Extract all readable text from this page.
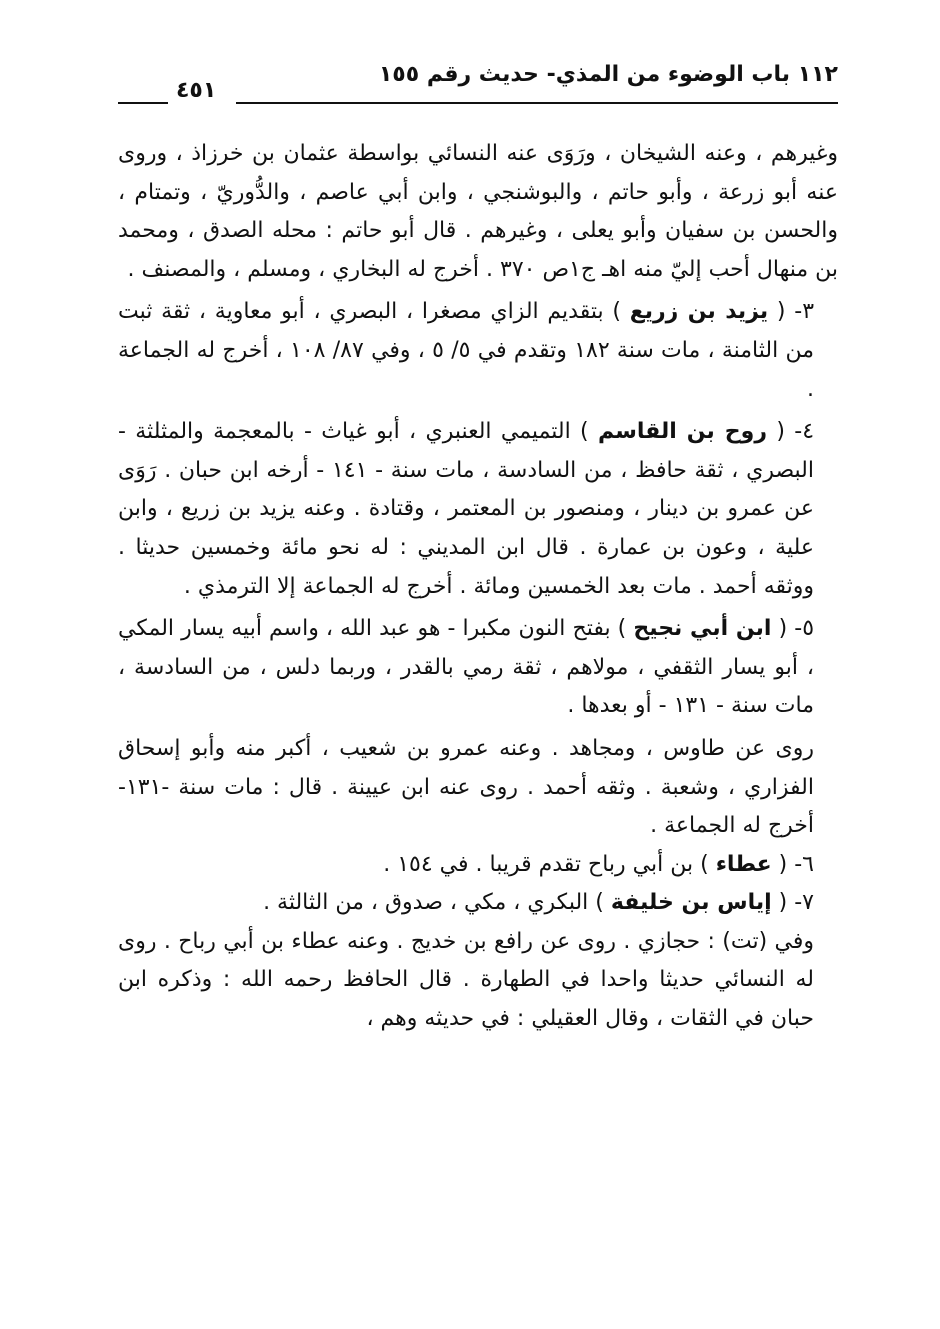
١١٢ باب الوضوء من المذي- حديث رقم ١٥٥
٤٥١

وغيرهم ، وعنه الشيخان ، ورَوَى عنه النسائي بواسطة عثمان بن خرزاذ ، وروى عنه أبو زرعة ، وأبو حاتم ، والبوشنجي ، وابن أبي عاصم ، والدُّوريّ ، وتمتام ، والحسن بن سفيان وأبو يعلى ، وغيرهم . قال أبو حاتم : محله الصدق ، ومحمد بن منهال أحب إليّ منه اهـ ج١ص ٣٧٠ . أخرج له البخاري ، ومسلم ، والمصنف .

٣- ( يزيد بن زريع ) بتقديم الزاي مصغرا ، البصري ، أبو معاوية ، ثقة ثبت من الثامنة ، مات سنة ١٨٢ وتقدم في ٥/ ٥ ، وفي ٨٧/ ١٠٨ ، أخرج له الجماعة .

٤- ( روح بن القاسم ) التميمي العنبري ، أبو غياث - بالمعجمة والمثلثة - البصري ، ثقة حافظ ، من السادسة ، مات سنة - ١٤١ - أرخه ابن حبان . رَوَى عن عمرو بن دينار ، ومنصور بن المعتمر ، وقتادة . وعنه يزيد بن زريع ، وابن علية ، وعون بن عمارة . قال ابن المديني : له نحو مائة وخمسين حديثا . ووثقه أحمد . مات بعد الخمسين ومائة . أخرج له الجماعة إلا الترمذي .

٥- ( ابن أبي نجيح ) بفتح النون مكبرا - هو عبد الله ، واسم أبيه يسار المكي ، أبو يسار الثقفي ، مولاهم ، ثقة رمي بالقدر ، وربما دلس ، من السادسة ، مات سنة - ١٣١ - أو بعدها .

روى عن طاوس ، ومجاهد . وعنه عمرو بن شعيب ، أكبر منه وأبو إسحاق الفزاري ، وشعبة . وثقه أحمد . روى عنه ابن عيينة . قال : مات سنة -١٣١- أخرج له الجماعة .

٦- ( عطاء ) بن أبي رباح تقدم قريبا . في ١٥٤ .

٧- ( إياس بن خليفة ) البكري ، مكي ، صدوق ، من الثالثة .

وفي (تت) : حجازي . روى عن رافع بن خديج . وعنه عطاء بن أبي رباح . روى له النسائي حديثا واحدا في الطهارة . قال الحافظ رحمه الله : وذكره ابن حبان في الثقات ، وقال العقيلي : في حديثه وهم ،
